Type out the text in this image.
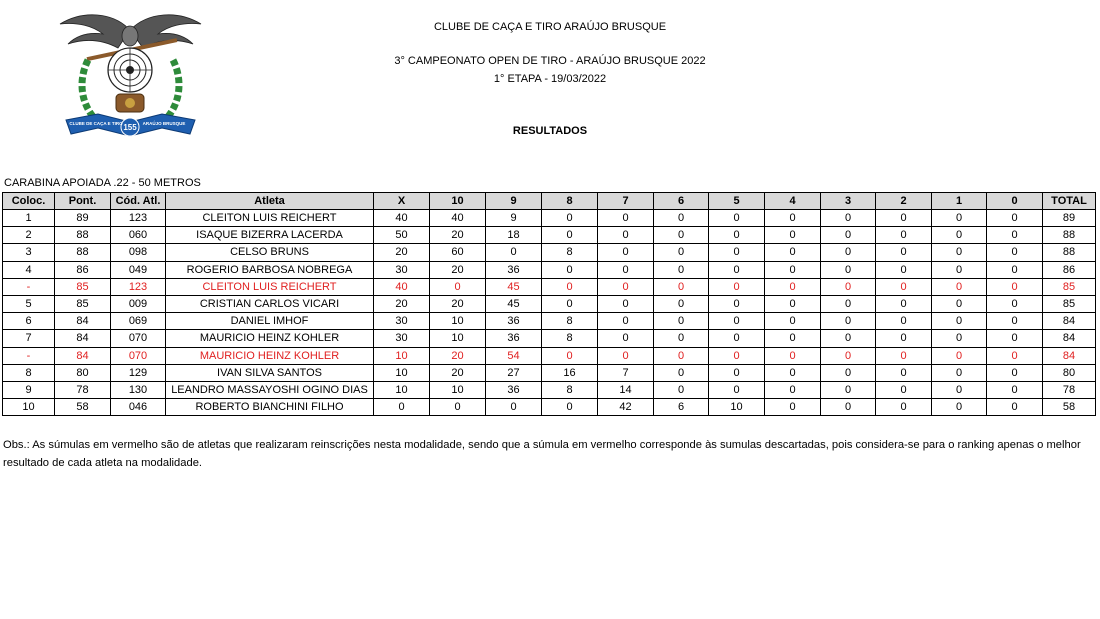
155
CLUBE DE CAÇA E TIRO	ARAÚJO BRUSQUE
CLUBE DE CAÇA E TIRO ARAÚJO BRUSQUE
3° CAMPEONATO OPEN DE TIRO - ARAÚJO BRUSQUE 2022
1° ETAPA - 19/03/2022
RESULTADOS
CARABINA APOIADA .22 - 50 METROS
Coloc.	Pont.	Cód. Atl.	Atleta	X	10	9	8	7	6	5	4	3	2	1	0	TOTAL
1	89	123	CLEITON LUIS REICHERT	40	40	9	0	0	0	0	0	0	0	0	0	89
2	88	060	ISAQUE BIZERRA LACERDA	50	20	18	0	0	0	0	0	0	0	0	0	88
3	88	098	CELSO BRUNS	20	60	0	8	0	0	0	0	0	0	0	0	88
4	86	049	ROGERIO BARBOSA NOBREGA	30	20	36	0	0	0	0	0	0	0	0	0	86
-	85	123	CLEITON LUIS REICHERT	40	0	45	0	0	0	0	0	0	0	0	0	85
5	85	009	CRISTIAN CARLOS VICARI	20	20	45	0	0	0	0	0	0	0	0	0	85
6	84	069	DANIEL IMHOF	30	10	36	8	0	0	0	0	0	0	0	0	84
7	84	070	MAURICIO HEINZ KOHLER	30	10	36	8	0	0	0	0	0	0	0	0	84
-	84	070	MAURICIO HEINZ KOHLER	10	20	54	0	0	0	0	0	0	0	0	0	84
8	80	129	IVAN SILVA SANTOS	10	20	27	16	7	0	0	0	0	0	0	0	80
9	78	130	LEANDRO MASSAYOSHI OGINO DIAS	10	10	36	8	14	0	0	0	0	0	0	0	78
10	58	046	ROBERTO BIANCHINI FILHO	0	0	0	0	42	6	10	0	0	0	0	0	58
Obs.: As súmulas em vermelho são de atletas que realizaram reinscrições nesta modalidade, sendo que a súmula em vermelho corresponde às sumulas descartadas, pois considera-se para o ranking apenas o melhor resultado de cada atleta na modalidade.
